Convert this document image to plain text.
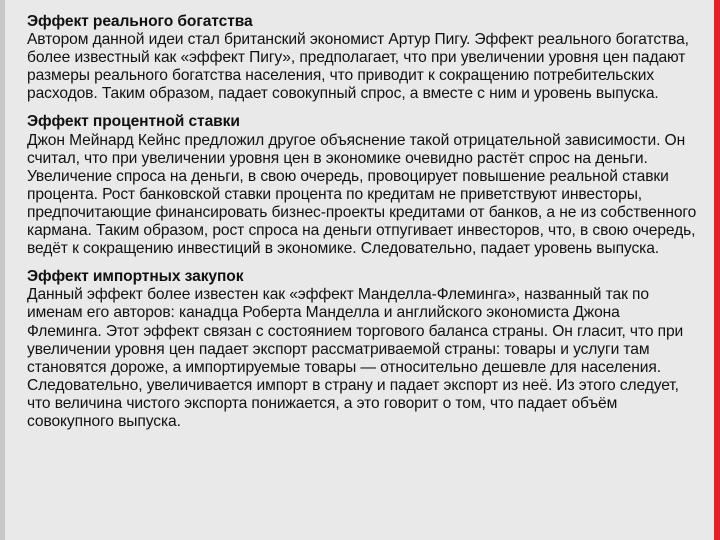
Эффект реального богатства

Автором данной идеи стал британский экономист Артур Пигу. Эффект реального богатства, более известный как «эффект Пигу», предполагает, что при увеличении уровня цен падают размеры реального богатства населения, что приводит к сокращению потребительских расходов. Таким образом, падает совокупный спрос, а вместе с ним и уровень выпуска.

Эффект процентной ставки

Джон Мейнард Кейнс предложил другое объяснение такой отрицательной зависимости. Он считал, что при увеличении уровня цен в экономике очевидно растёт спрос на деньги. Увеличение спроса на деньги, в свою очередь, провоцирует повышение реальной ставки процента. Рост банковской ставки процента по кредитам не приветствуют инвесторы, предпочитающие финансировать бизнес-проекты кредитами от банков, а не из собственного кармана. Таким образом, рост спроса на деньги отпугивает инвесторов, что, в свою очередь, ведёт к сокращению инвестиций в экономике. Следовательно, падает уровень выпуска.

Эффект импортных закупок

Данный эффект более известен как «эффект Манделла-Флеминга», названный так по именам его авторов: канадца Роберта Манделла и английского экономиста Джона Флеминга. Этот эффект связан с состоянием торгового баланса страны. Он гласит, что при увеличении уровня цен падает экспорт рассматриваемой страны: товары и услуги там становятся дороже, а импортируемые товары — относительно дешевле для населения. Следовательно, увеличивается импорт в страну и падает экспорт из неё. Из этого следует, что величина чистого экспорта понижается, а это говорит о том, что падает объём совокупного выпуска.
